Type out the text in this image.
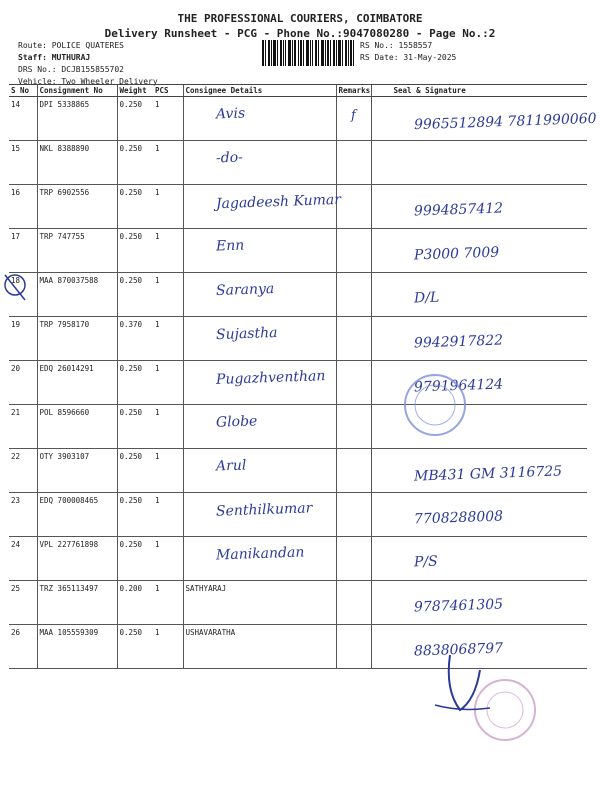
THE PROFESSIONAL COURIERS, COIMBATORE
Delivery Runsheet - PCG - Phone No.:9047080280 - Page No.:2
Route: POLICE QUATERES
Staff: MUTHURAJ
DRS No.: DCJB155855702
Vehicle: Two Wheeler Delivery
RS No.: 1558557
RS Date: 31-May-2025
S No	Consignment No	Weight	PCS	Consignee Details	Remarks	Seal & Signature
14	DPI 5338865	0.250	1	Avis	f	9965512894 7811990060
15	NKL 8388890	0.250	1	-do-		
16	TRP 6902556	0.250	1	Jagadeesh Kumar		9994857412
17	TRP 747755	0.250	1	Enn		P3000 7009
18	MAA 870037588	0.250	1	Saranya		D/L
19	TRP 7958170	0.370	1	Sujastha		9942917822
20	EDQ 26014291	0.250	1	Pugazhventhan		9791964124
21	POL 8596660	0.250	1	Globe		
22	OTY 3903107	0.250	1	Arul		MB431 GM 3116725
23	EDQ 700008465	0.250	1	Senthilkumar		7708288008
24	VPL 227761898	0.250	1	Manikandan		P/S
25	TRZ 365113497	0.200	1	SATHYARAJ		9787461305
26	MAA 105559309	0.250	1	USHAVARATHA		8838068797
